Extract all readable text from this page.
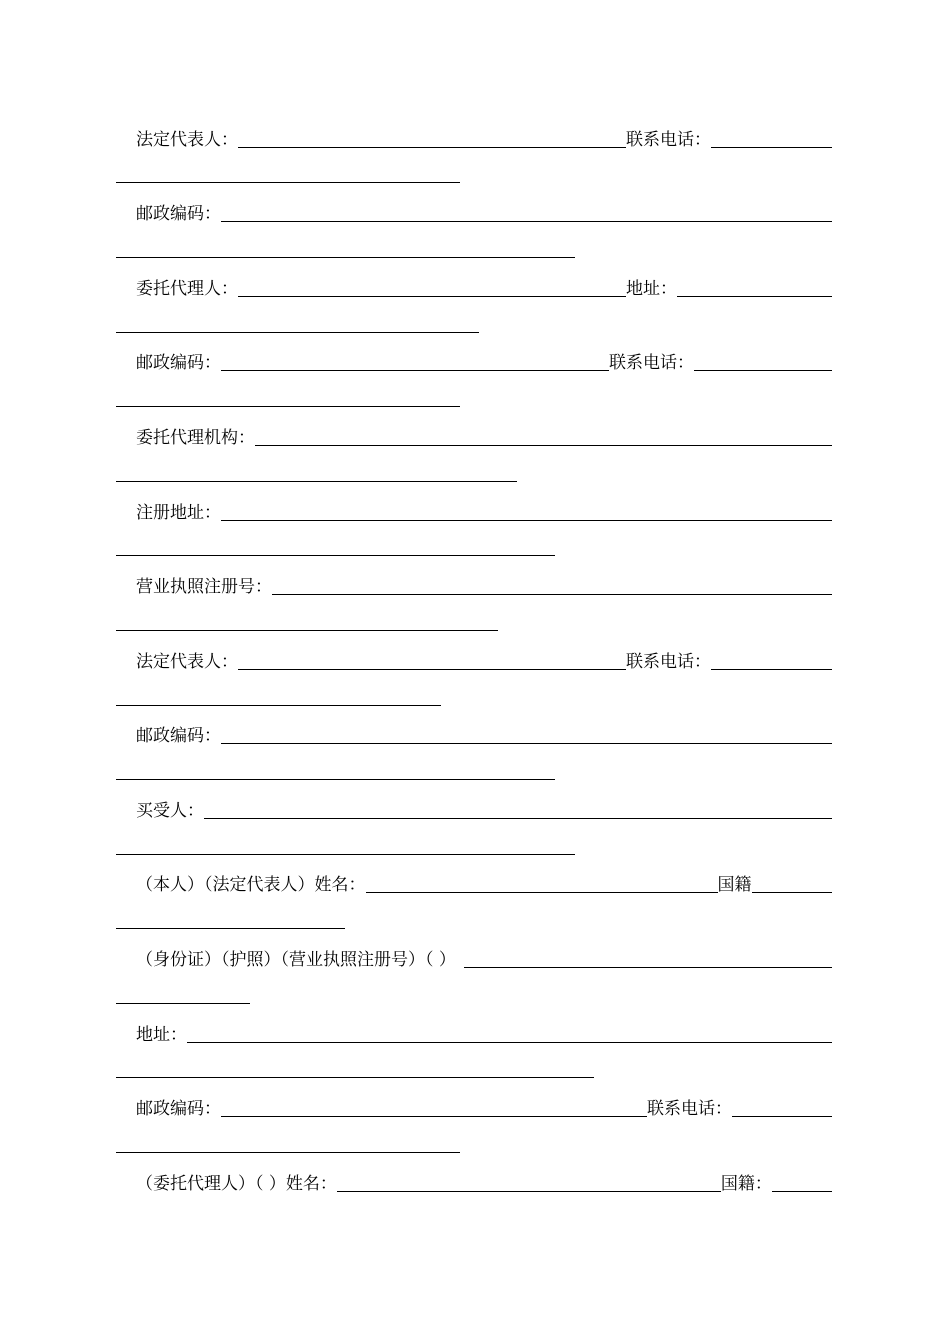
法定代表人：	联系电话：
邮政编码：
委托代理人：	地址：
邮政编码：	联系电话：
委托代理机构：
注册地址：
营业执照注册号：
法定代表人：	联系电话：
邮政编码：
买受人：
（本人）（法定代表人）姓名：	国籍
（身份证）（护照）（营业执照注册号）（ ）
地址：
邮政编码：	联系电话：
（委托代理人）（ ）姓名：	国籍：
